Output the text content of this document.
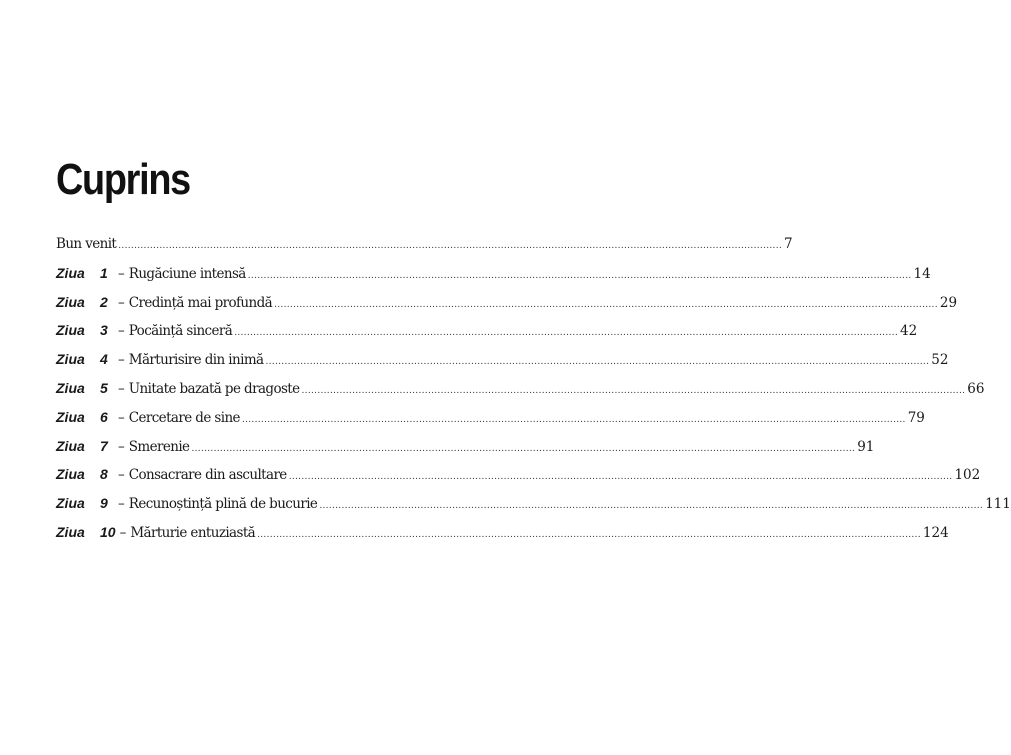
Cuprins
Bun venit .................................................................................................................................................................................................................. 7
Ziua 1 – Rugăciune intensă .................................................................................................................................................................................................................. 14
Ziua 2 – Credință mai profundă .................................................................................................................................................................................................................. 29
Ziua 3 – Pocăință sinceră .................................................................................................................................................................................................................. 42
Ziua 4 – Mărturisire din inimă .................................................................................................................................................................................................................. 52
Ziua 5 – Unitate bazată pe dragoste .................................................................................................................................................................................................................. 66
Ziua 6 – Cercetare de sine .................................................................................................................................................................................................................. 79
Ziua 7 – Smerenie .................................................................................................................................................................................................................. 91
Ziua 8 – Consacrare din ascultare .................................................................................................................................................................................................................. 102
Ziua 9 – Recunoștință plină de bucurie .................................................................................................................................................................................................................. 111
Ziua 10 – Mărturie entuziastă .................................................................................................................................................................................................................. 124
